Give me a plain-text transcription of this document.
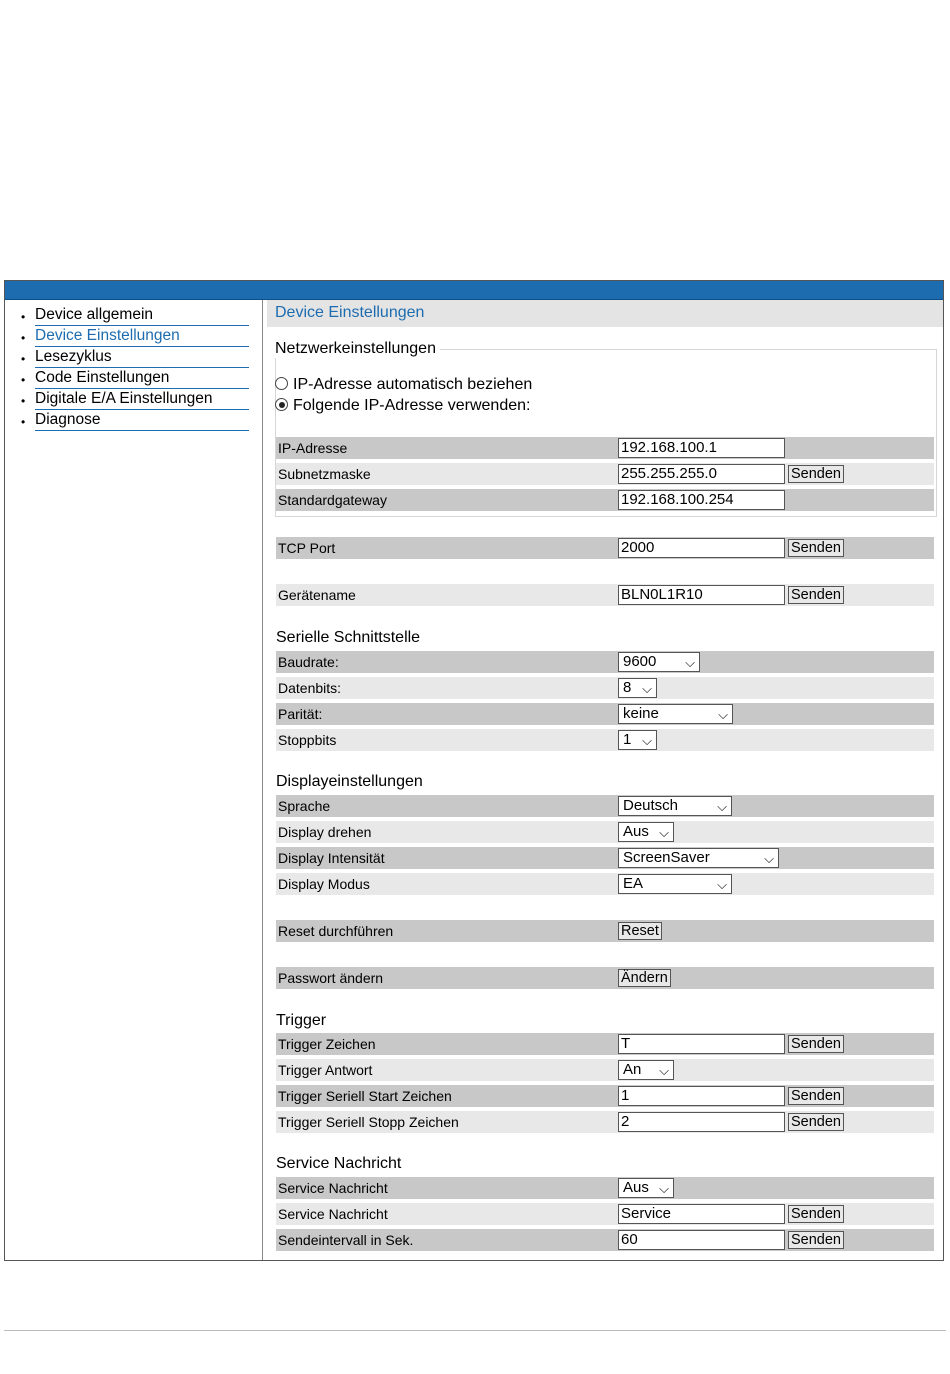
• Device allgemein
• Device Einstellungen
• Lesezyklus
• Code Einstellungen
• Digitale E/A Einstellungen
• Diagnose
Device Einstellungen
Netzwerkeinstellungen
IP-Adresse automatisch beziehen
Folgende IP-Adresse verwenden:
IP-Adresse	192.168.100.1
Subnetzmaske	255.255.255.0	Senden
Standardgateway	192.168.100.254
TCP Port	2000	Senden
Gerätename	BLN0L1R10	Senden
Serielle Schnittstelle
Baudrate:	9600 ⌵
Datenbits:	8 ⌵
Parität:	keine	⌵
Stoppbits	1 ⌵
Displayeinstellungen
Sprache	Deutsch	⌵
Display drehen	Aus ⌵
Display Intensität	ScreenSaver	⌵
Display Modus	EA	⌵
Reset durchführen	Reset
Passwort ändern	Ändern
Trigger
Trigger Zeichen	T	Senden
Trigger Antwort	An ⌵
Trigger Seriell Start Zeichen	1	Senden
Trigger Seriell Stopp Zeichen	2	Senden
Service Nachricht
Service Nachricht	Aus ⌵
Service Nachricht	Service	Senden
Sendeintervall in Sek.	60	Senden
